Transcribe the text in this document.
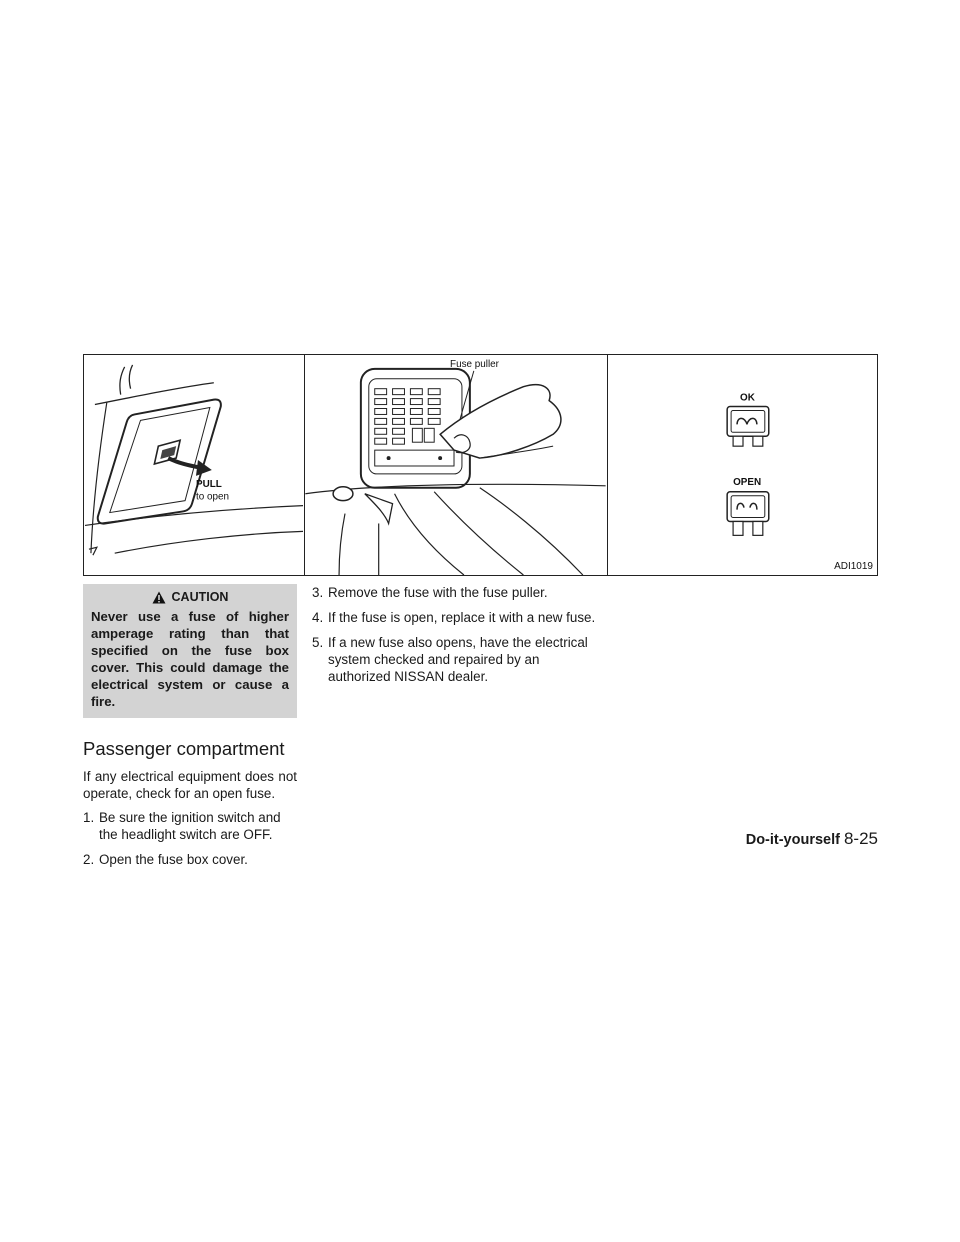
PULL
to open
Fuse puller
OK
OPEN
ADI1019
CAUTION
Never use a fuse of higher amperage rating than that specified on the fuse box cover. This could damage the electrical system or cause a fire.
Passenger compartment

If any electrical equipment does not operate, check for an open fuse.

1. Be sure the ignition switch and the headlight switch are OFF.
2. Open the fuse box cover.
3. Remove the fuse with the fuse puller.
4. If the fuse is open, replace it with a new fuse.
5. If a new fuse also opens, have the electrical system checked and repaired by an authorized NISSAN dealer.
Do-it-yourself 8-25
